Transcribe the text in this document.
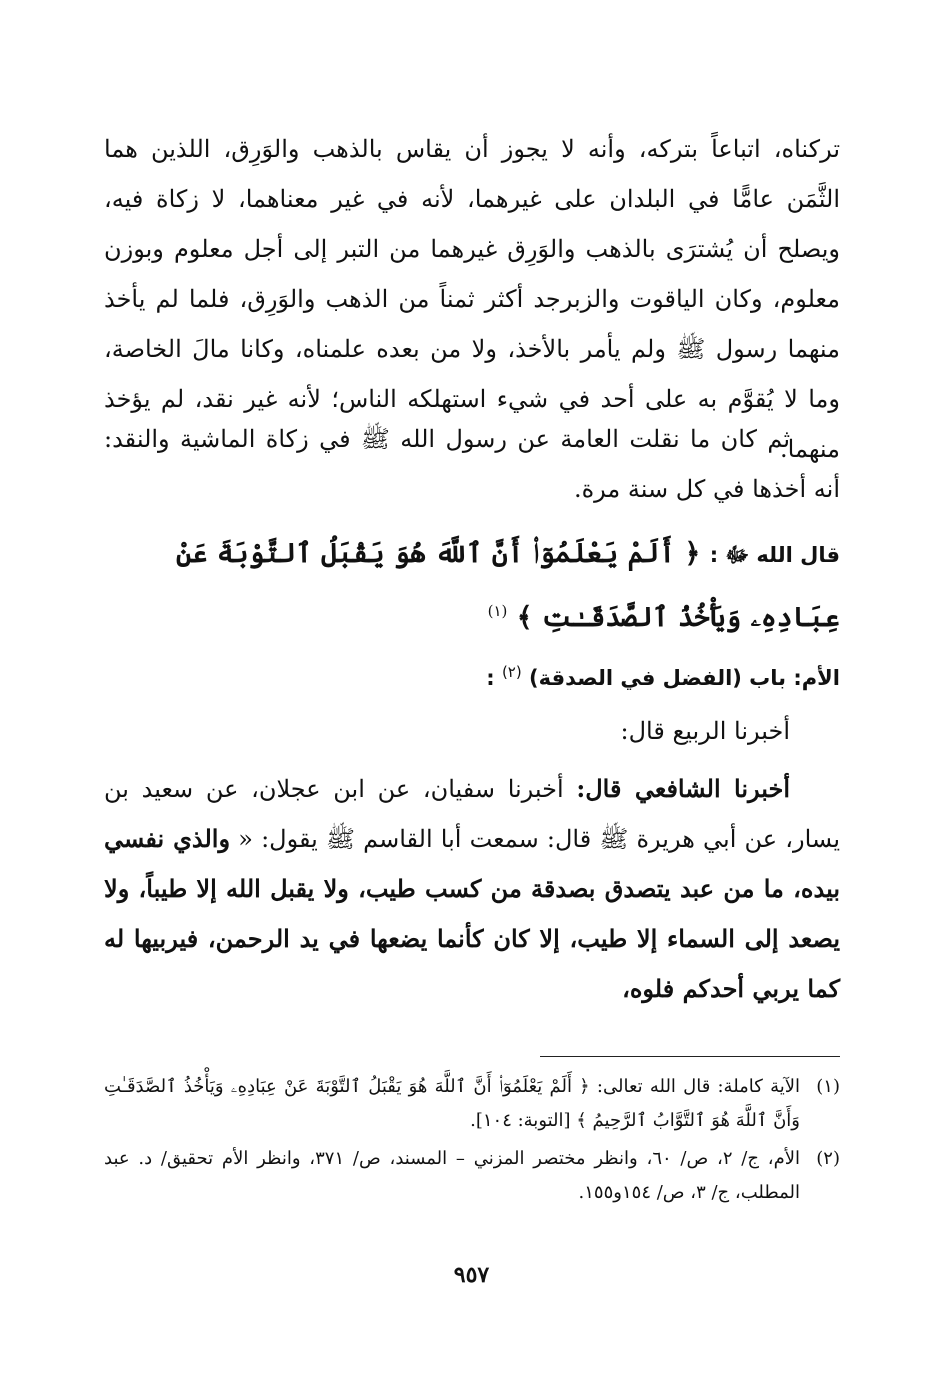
تركناه، اتباعاً بتركه، وأنه لا يجوز أن يقاس بالذهب والوَرِق، اللذين هما الثَّمَن عامًّا في البلدان على غيرهما، لأنه في غير معناهما، لا زكاة فيه، ويصلح أن يُشترَى بالذهب والوَرِق غيرهما من التبر إلى أجل معلوم وبوزن معلوم، وكان الياقوت والزبرجد أكثر ثمناً من الذهب والوَرِق، فلما لم يأخذ منهما رسول ﷺ ولم يأمر بالأخذ، ولا من بعده علمناه، وكانا مالَ الخاصة، وما لا يُقوَّم به على أحد في شيء استهلكه الناس؛ لأنه غير نقد، لم يؤخذ منهما.

ثم كان ما نقلت العامة عن رسول الله ﷺ في زكاة الماشية والنقد: أنه أخذها في كل سنة مرة.

قال الله ﷻ : ﴿ أَلَمْ يَعْلَمُوٓا۟ أَنَّ ٱللَّهَ هُوَ يَقْبَلُ ٱلتَّوْبَةَ عَنْ عِبَادِهِۦ وَيَأْخُذُ ٱلصَّدَقَـٰتِ ﴾ $^{(١)}$
الأم: باب (الفضل في الصدقة) $^{(٢)}$ :
أخبرنا الربيع قال:
أخبرنا الشافعي قال: أخبرنا سفيان، عن ابن عجلان، عن سعيد بن يسار، عن أبي هريرة ﷺ قال: سمعت أبا القاسم ﷺ يقول: « والذي نفسي بيده، ما من عبد يتصدق بصدقة من كسب طيب، ولا يقبل الله إلا طيباً، ولا يصعد إلى السماء إلا طيب، إلا كان كأنما يضعها في يد الرحمن، فيربيها له كما يربي أحدكم فلوه،
(١)
الآية كاملة: قال الله تعالى: ﴿ أَلَمْ يَعْلَمُوٓا۟ أَنَّ ٱللَّهَ هُوَ يَقْبَلُ ٱلتَّوْبَةَ عَنْ عِبَادِهِۦ وَيَأْخُذُ ٱلصَّدَقَـٰتِ وَأَنَّ ٱللَّهَ هُوَ ٱلتَّوَّابُ ٱلرَّحِيمُ ﴾ [التوبة: ١٠٤].
(٢)
الأم، ج/ ٢، ص/ ٦٠، وانظر مختصر المزني – المسند، ص/ ٣٧١، وانظر الأم تحقيق/ د. عبد المطلب، ج/ ٣، ص/ ١٥٤و١٥٥.
٩٥٧
